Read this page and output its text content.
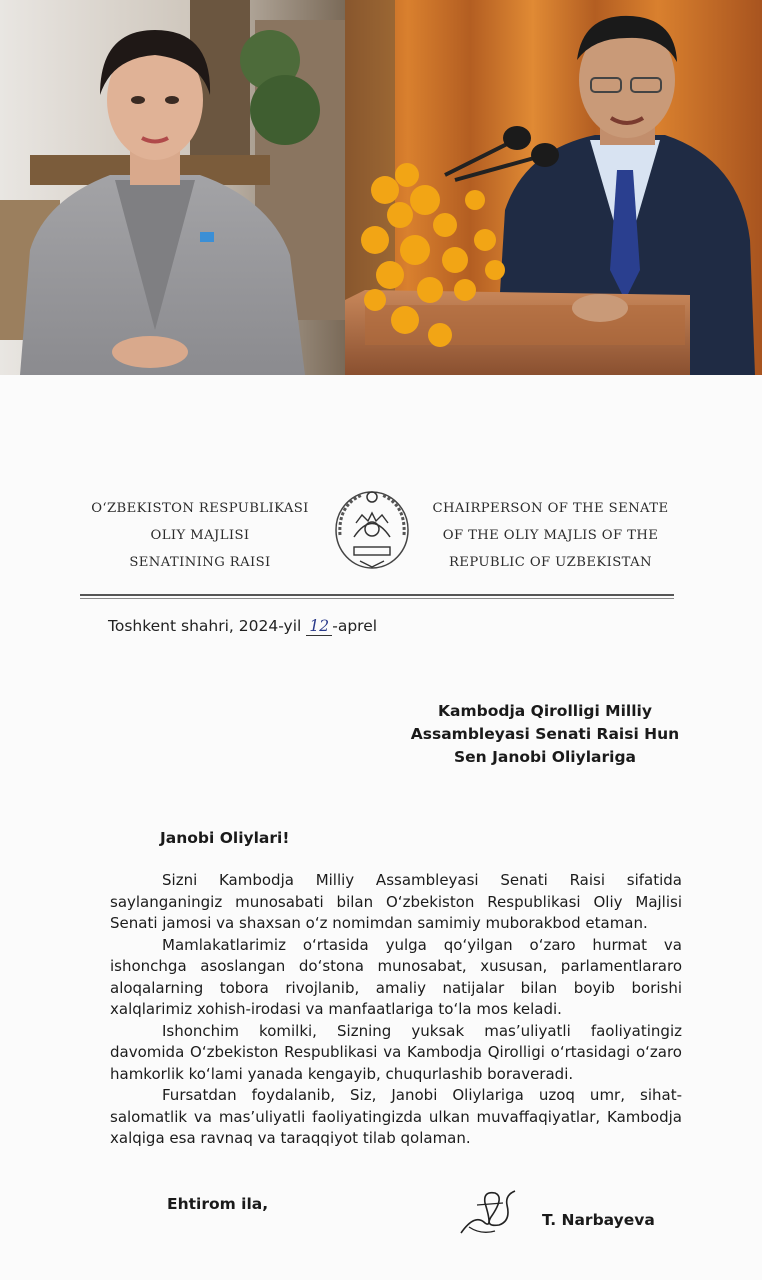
O‘ZBEKISTON RESPUBLIKASI
OLIY MAJLISI
SENATINING RAISI
CHAIRPERSON OF THE SENATE
OF THE OLIY MAJLIS OF THE
REPUBLIC OF UZBEKISTAN
Toshkent shahri, 2024-yil 12 -aprel
Kambodja Qirolligi Milliy
Assambleyasi Senati Raisi Hun
Sen Janobi Oliylariga
Janobi Oliylari!

Sizni Kambodja Milliy Assambleyasi Senati Raisi sifatida saylanganingiz munosabati bilan O‘zbekiston Respublikasi Oliy Majlisi Senati jamosi va shaxsan o‘z nomimdan samimiy muborakbod etaman.

Mamlakatlarimiz o‘rtasida yulga qo‘yilgan o‘zaro hurmat va ishonchga asoslangan do‘stona munosabat, xususan, parlamentlararo aloqalarning tobora rivojlanib, amaliy natijalar bilan boyib borishi xalqlarimiz xohish-irodasi va manfaatlariga to‘la mos keladi.

Ishonchim komilki, Sizning yuksak mas’uliyatli faoliyatingiz davomida O‘zbekiston Respublikasi va Kambodja Qirolligi o‘rtasidagi o‘zaro hamkorlik ko‘lami yanada kengayib, chuqurlashib boraveradi.

Fursatdan foydalanib, Siz, Janobi Oliylariga uzoq umr, sihat-salomatlik va mas’uliyatli faoliyatingizda ulkan muvaffaqiyatlar, Kambodja xalqiga esa ravnaq va taraqqiyot tilab qolaman.

Ehtirom ila,
T. Narbayeva
